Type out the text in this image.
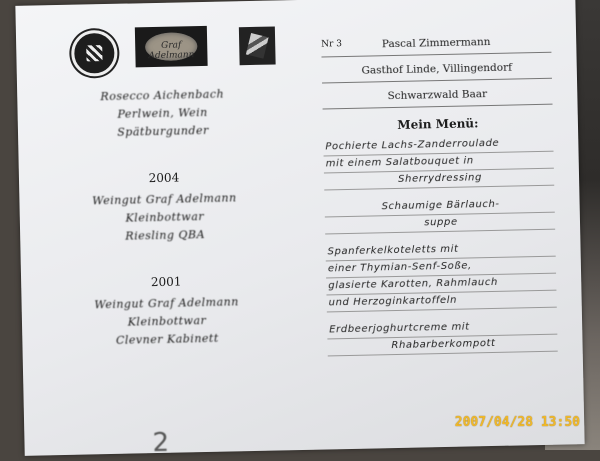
Graf Adelmann
Rosecco Aichenbach
Perlwein, Wein
Spätburgunder
2004
Weingut Graf Adelmann
Kleinbottwar
Riesling QBA
2001
Weingut Graf Adelmann
Kleinbottwar
Clevner Kabinett
2
Nr 3	Pascal Zimmermann
Gasthof Linde, Villingendorf
Schwarzwald Baar
Mein Menü:
Pochierte Lachs-Zanderroulade
mit einem Salatbouquet in
Sherrydressing
Schaumige Bärlauch-
suppe
Spanferkelkoteletts mit
einer Thymian-Senf-Soße,
glasierte Karotten, Rahmlauch
und Herzoginkartoffeln
Erdbeerjoghurtcreme mit
Rhabarberkompott
2007/04/28 13:50
